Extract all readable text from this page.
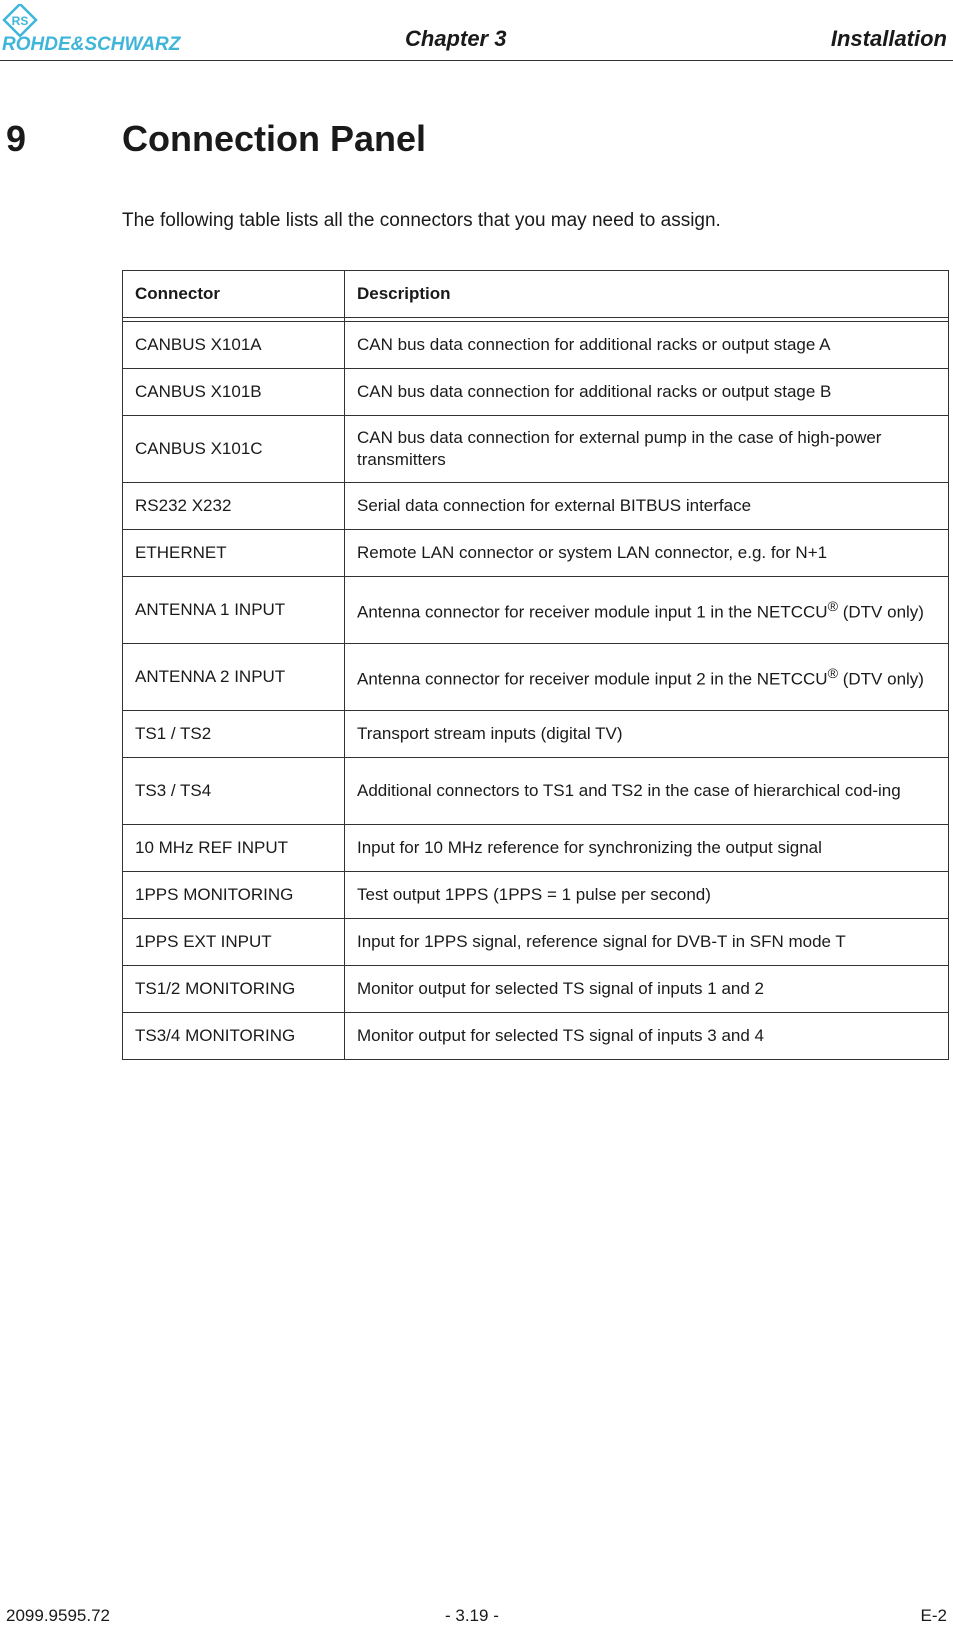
RS
ROHDE&SCHWARZ	Chapter 3	Installation
9	Connection Panel
The following table lists all the connectors that you may need to assign.
Connector	Description

CANBUS X101A	CAN bus data connection for additional racks or output stage A
CANBUS X101B	CAN bus data connection for additional racks or output stage B
CANBUS X101C	CAN bus data connection for external pump in the case of high-power transmitters
RS232 X232	Serial data connection for external BITBUS interface
ETHERNET	Remote LAN connector or system LAN connector, e.g. for N+1
ANTENNA 1 INPUT	Antenna connector for receiver module input 1 in the NETCCU® (DTV only)
ANTENNA 2 INPUT	Antenna connector for receiver module input 2 in the NETCCU® (DTV only)
TS1 / TS2	Transport stream inputs (digital TV)
TS3 / TS4	Additional connectors to TS1 and TS2 in the case of hierarchical cod-ing
10 MHz REF INPUT	Input for 10 MHz reference for synchronizing the output signal
1PPS MONITORING	Test output 1PPS (1PPS = 1 pulse per second)
1PPS EXT INPUT	Input for 1PPS signal, reference signal for DVB-T in SFN mode T
TS1/2 MONITORING	Monitor output for selected TS signal of inputs 1 and 2
TS3/4 MONITORING	Monitor output for selected TS signal of inputs 3 and 4
2099.9595.72	- 3.19 -	E-2
